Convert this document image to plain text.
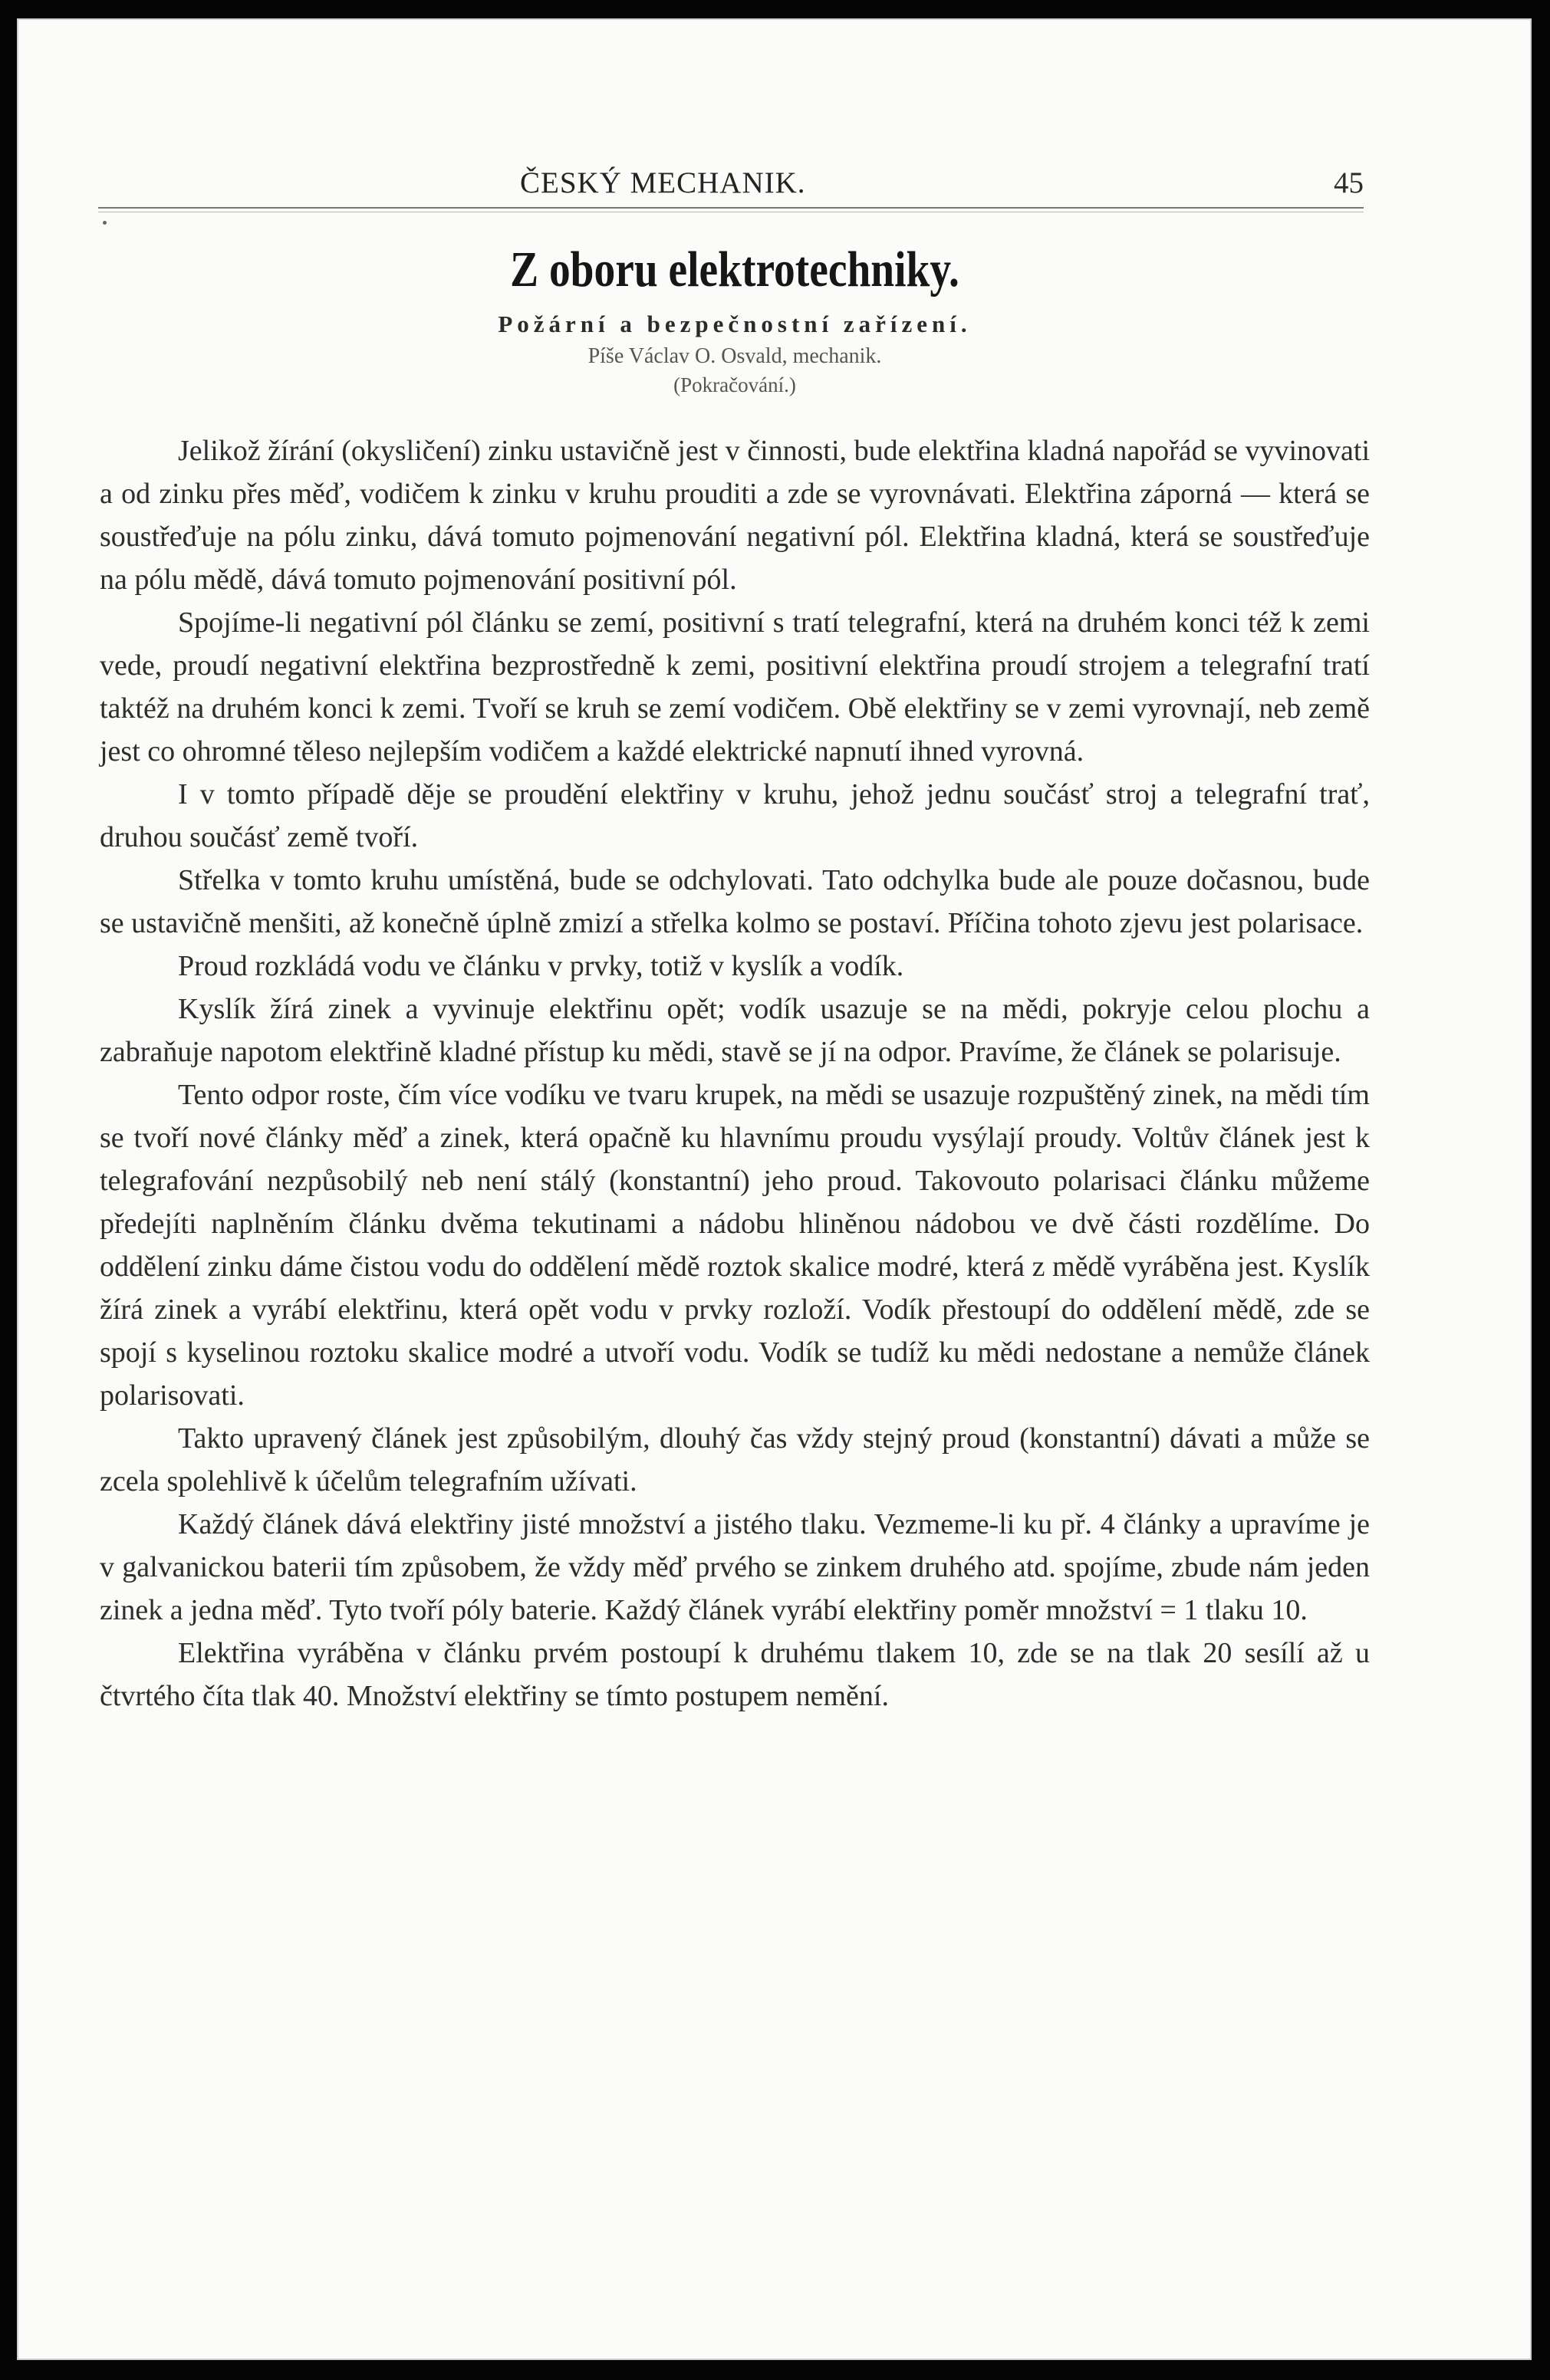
ČESKÝ MECHANIK.	45
Z oboru elektrotechniky.
Požární a bezpečnostní zařízení.
Píše Václav O. Osvald, mechanik.
(Pokračování.)

Jelikož žírání (okysličení) zinku ustavičně jest v činnosti, bude elektřina kladná napořád se vyvinovati a od zinku přes měď, vodičem k zinku v kruhu prouditi a zde se vyrovnávati. Elektřina záporná — která se soustřeďuje na pólu zinku, dává tomuto pojmenování negativní pól. Elektřina kladná, která se soustřeďuje na pólu mědě, dává tomuto pojmenování positivní pól.

Spojíme-li negativní pól článku se zemí, positivní s tratí telegrafní, která na druhém konci též k zemi vede, proudí negativní elektřina bezprostředně k zemi, positivní elektřina proudí strojem a telegrafní tratí taktéž na druhém konci k zemi. Tvoří se kruh se zemí vodičem. Obě elektřiny se v zemi vyrovnají, neb země jest co ohromné těleso nejlepším vodičem a každé elektrické napnutí ihned vyrovná.

I v tomto případě děje se proudění elektřiny v kruhu, jehož jednu součásť stroj a telegrafní trať, druhou součásť země tvoří.

Střelka v tomto kruhu umístěná, bude se odchylovati. Tato odchylka bude ale pouze dočasnou, bude se ustavičně menšiti, až konečně úplně zmizí a střelka kolmo se postaví. Příčina tohoto zjevu jest polarisace.

Proud rozkládá vodu ve článku v prvky, totiž v kyslík a vodík.

Kyslík žírá zinek a vyvinuje elektřinu opět; vodík usazuje se na mědi, pokryje celou plochu a zabraňuje napotom elektřině kladné přístup ku mědi, stavě se jí na odpor. Pravíme, že článek se polarisuje.

Tento odpor roste, čím více vodíku ve tvaru krupek, na mědi se usazuje rozpuštěný zinek, na mědi tím se tvoří nové články měď a zinek, která opačně ku hlavnímu proudu vysýlají proudy. Voltův článek jest k telegrafování nezpůsobilý neb není stálý (konstantní) jeho proud. Takovouto polarisaci článku můžeme předejíti naplněním článku dvěma tekutinami a nádobu hliněnou nádobou ve dvě části rozdělíme. Do oddělení zinku dáme čistou vodu do oddělení mědě roztok skalice modré, která z mědě vyráběna jest. Kyslík žírá zinek a vyrábí elektřinu, která opět vodu v prvky rozloží. Vodík přestoupí do oddělení mědě, zde se spojí s kyselinou roztoku skalice modré a utvoří vodu. Vodík se tudíž ku mědi nedostane a nemůže článek polarisovati.

Takto upravený článek jest způsobilým, dlouhý čas vždy stejný proud (konstantní) dávati a může se zcela spolehlivě k účelům telegrafním užívati.

Každý článek dává elektřiny jisté množství a jistého tlaku. Vezmeme-li ku př. 4 články a upravíme je v galvanickou baterii tím způsobem, že vždy měď prvého se zinkem druhého atd. spojíme, zbude nám jeden zinek a jedna měď. Tyto tvoří póly baterie. Každý článek vyrábí elektřiny poměr množství = 1 tlaku 10.

Elektřina vyráběna v článku prvém postoupí k druhému tlakem 10, zde se na tlak 20 sesílí až u čtvrtého číta tlak 40. Množství elektřiny se tímto postupem nemění.
